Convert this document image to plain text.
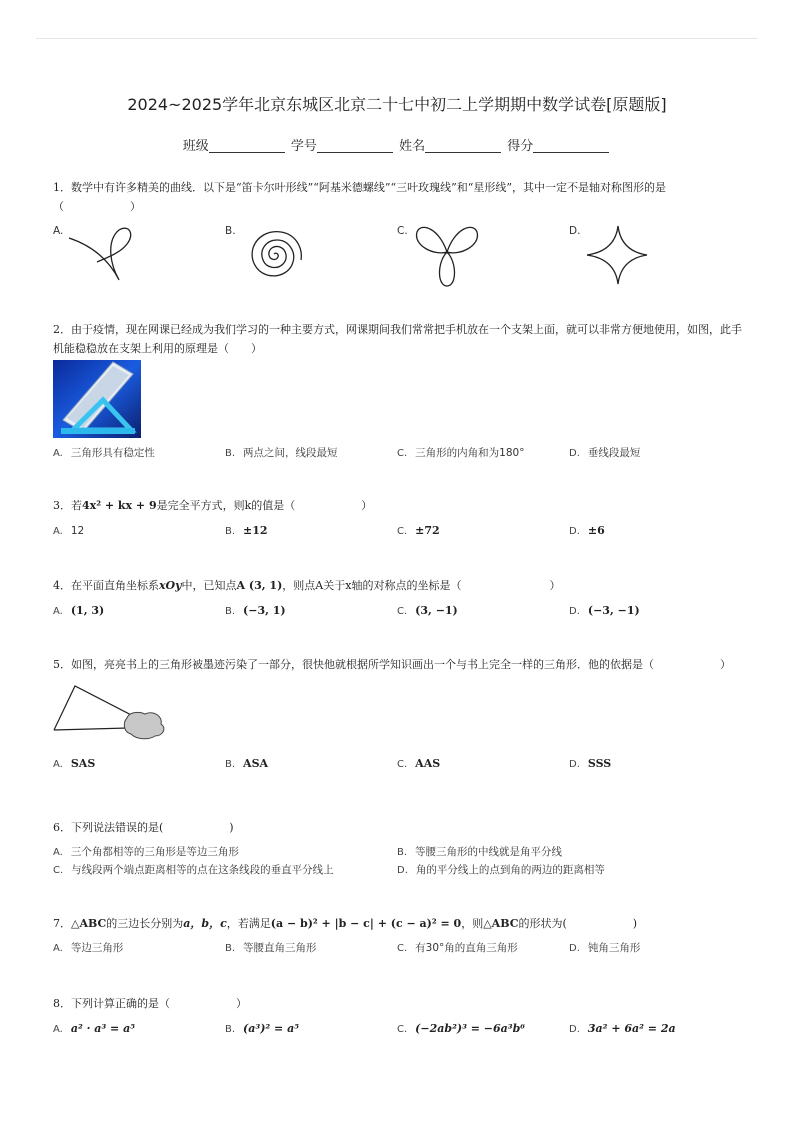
2024~2025学年北京东城区北京二十七中初二上学期期中数学试卷[原题版]
班级	学号	姓名	得分
1．数学中有许多精美的曲线．以下是“笛卡尔叶形线”“阿基米德螺线”“三叶玫瑰线”和“星形线”，其中一定不是轴对称图形的是（　　　　　　）
A.	B.	C.	D.
2．由于疫情，现在网课已经成为我们学习的一种主要方式，网课期间我们常常把手机放在一个支架上面，就可以非常方便地使用，如图，此手机能稳稳放在支架上利用的原理是（　　）
A. 三角形具有稳定性	B. 两点之间，线段最短	C. 三角形的内角和为180°	D. 垂线段最短
3．若4x² + kx + 9是完全平方式，则k的值是（　　　　　　）
A. 12	B. ±12	C. ±72	D. ±6
4．在平面直角坐标系xOy中，已知点A (3, 1)，则点A关于x轴的对称点的坐标是（　　　　　　　　）
A. (1, 3)	B. (−3, 1)	C. (3, −1)	D. (−3, −1)
5．如图，亮亮书上的三角形被墨迹污染了一部分，很快他就根据所学知识画出一个与书上完全一样的三角形．他的依据是（　　　　　　）
A. SAS	B. ASA	C. AAS	D. SSS
6．下列说法错误的是(　　　　　　)
A. 三个角都相等的三角形是等边三角形	B. 等腰三角形的中线就是角平分线
C. 与线段两个端点距离相等的点在这条线段的垂直平分线上	D. 角的平分线上的点到角的两边的距离相等
7．△ABC的三边长分别为a，b，c，若满足(a − b)² + |b − c| + (c − a)² = 0，则△ABC的形状为(　　　　　　)
A. 等边三角形	B. 等腰直角三角形	C. 有30°角的直角三角形	D. 钝角三角形
8．下列计算正确的是（　　　　　　）
A. a² · a³ = a⁵	B. (a³)² = a⁵	C. (−2ab²)³ = −6a³b⁶	D. 3a² + 6a² = 2a
